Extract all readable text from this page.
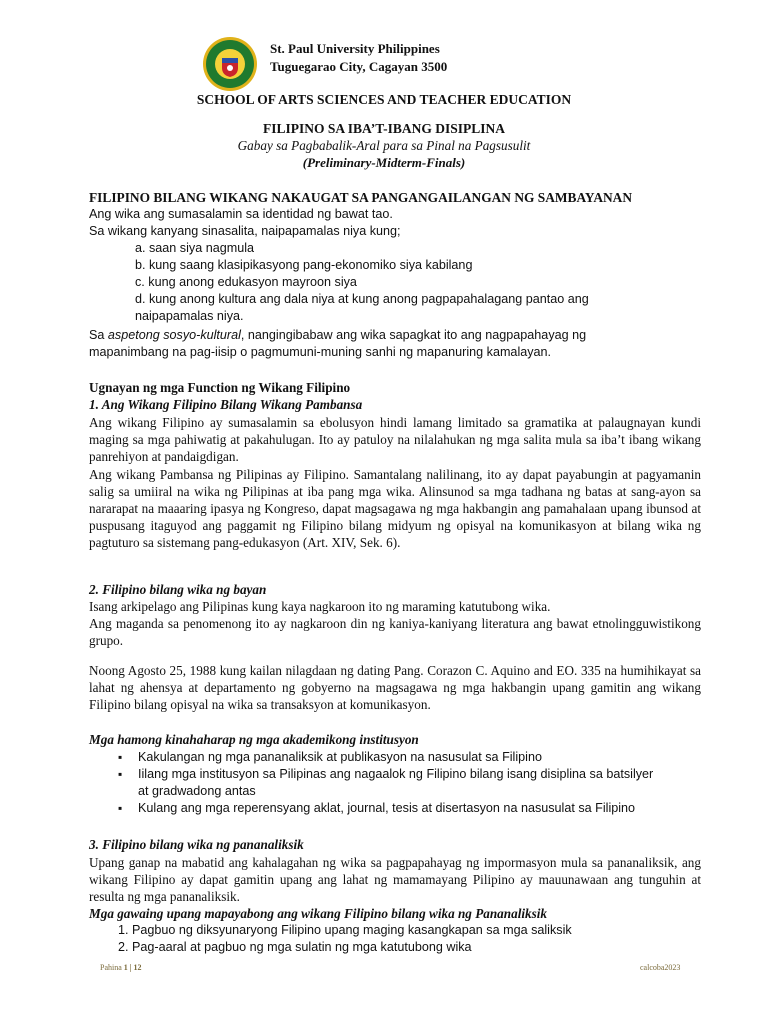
St. Paul University Philippines
Tuguegarao City, Cagayan 3500
SCHOOL OF ARTS SCIENCES AND TEACHER EDUCATION
FILIPINO SA IBA’T-IBANG DISIPLINA
Gabay sa Pagbabalik-Aral para sa Pinal na Pagsusulit
(Preliminary-Midterm-Finals)
FILIPINO BILANG WIKANG NAKAUGAT SA PANGANGAILANGAN NG SAMBAYANAN
Ang wika ang sumasalamin sa identidad ng bawat tao.
Sa wikang kanyang sinasalita, naipapamalas niya kung;
a. saan siya nagmula
b. kung saang klasipikasyong pang-ekonomiko siya kabilang
c. kung anong edukasyon mayroon siya
d. kung anong kultura ang dala niya at kung anong pagpapahalagang pantao ang
naipapamalas niya.
Sa aspetong sosyo-kultural, nangingibabaw ang wika sapagkat ito ang nagpapahayag ng
mapanimbang na pag-iisip o pagmumuni-muning sanhi ng mapanuring kamalayan.
Ugnayan ng mga Function ng Wikang Filipino
1. Ang Wikang Filipino Bilang Wikang Pambansa
Ang wikang Filipino ay sumasalamin sa ebolusyon hindi lamang limitado sa gramatika at palaugnayan kundi maging sa mga pahiwatig at pakahulugan. Ito ay patuloy na nilalahukan ng mga salita mula sa iba’t ibang wikang panrehiyon at pandaigdigan.
Ang wikang Pambansa ng Pilipinas ay Filipino. Samantalang nalilinang, ito ay dapat payabungin at pagyamanin salig sa umiiral na wika ng Pilipinas at iba pang mga wika. Alinsunod sa mga tadhana ng batas at sang-ayon sa nararapat na maaaring ipasya ng Kongreso, dapat magsagawa ng mga hakbangin ang pamahalaan upang ibunsod at puspusang itaguyod ang paggamit ng Filipino bilang midyum ng opisyal na komunikasyon at bilang wika ng pagtuturo sa sistemang pang-edukasyon (Art. XIV, Sek. 6).
2. Filipino bilang wika ng bayan
Isang arkipelago ang Pilipinas kung kaya nagkaroon ito ng maraming katutubong wika.
Ang maganda sa penomenong ito ay nagkaroon din ng kaniya-kaniyang literatura ang bawat etnolingguwistikong grupo.
Noong Agosto 25, 1988 kung kailan nilagdaan ng dating Pang. Corazon C. Aquino and EO. 335 na humihikayat sa lahat ng ahensya at departamento ng gobyerno na magsagawa ng mga hakbangin upang gamitin ang wikang Filipino bilang opisyal na wika sa transaksyon at komunikasyon.
Mga hamong kinahaharap ng mga akademikong institusyon
▪ Kakulangan ng mga pananaliksik at publikasyon na nasusulat sa Filipino
▪ Iilang mga institusyon sa Pilipinas ang nagaalok ng Filipino bilang isang disiplina sa batsilyer
at gradwadong antas
▪ Kulang ang mga reperensyang aklat, journal, tesis at disertasyon na nasusulat sa Filipino
3. Filipino bilang wika ng pananaliksik
Upang ganap na mabatid ang kahalagahan ng wika sa pagpapahayag ng impormasyon mula sa pananaliksik, ang wikang Filipino ay dapat gamitin upang ang lahat ng mamamayang Pilipino ay mauunawaan ang tunguhin at resulta ng mga pananaliksik.
Mga gawaing upang mapayabong ang wikang Filipino bilang wika ng Pananaliksik
1. Pagbuo ng diksyunaryong Filipino upang maging kasangkapan sa mga saliksik
2. Pag-aaral at pagbuo ng mga sulatin ng mga katutubong wika
Pahina 1 | 12	calcoba2023
